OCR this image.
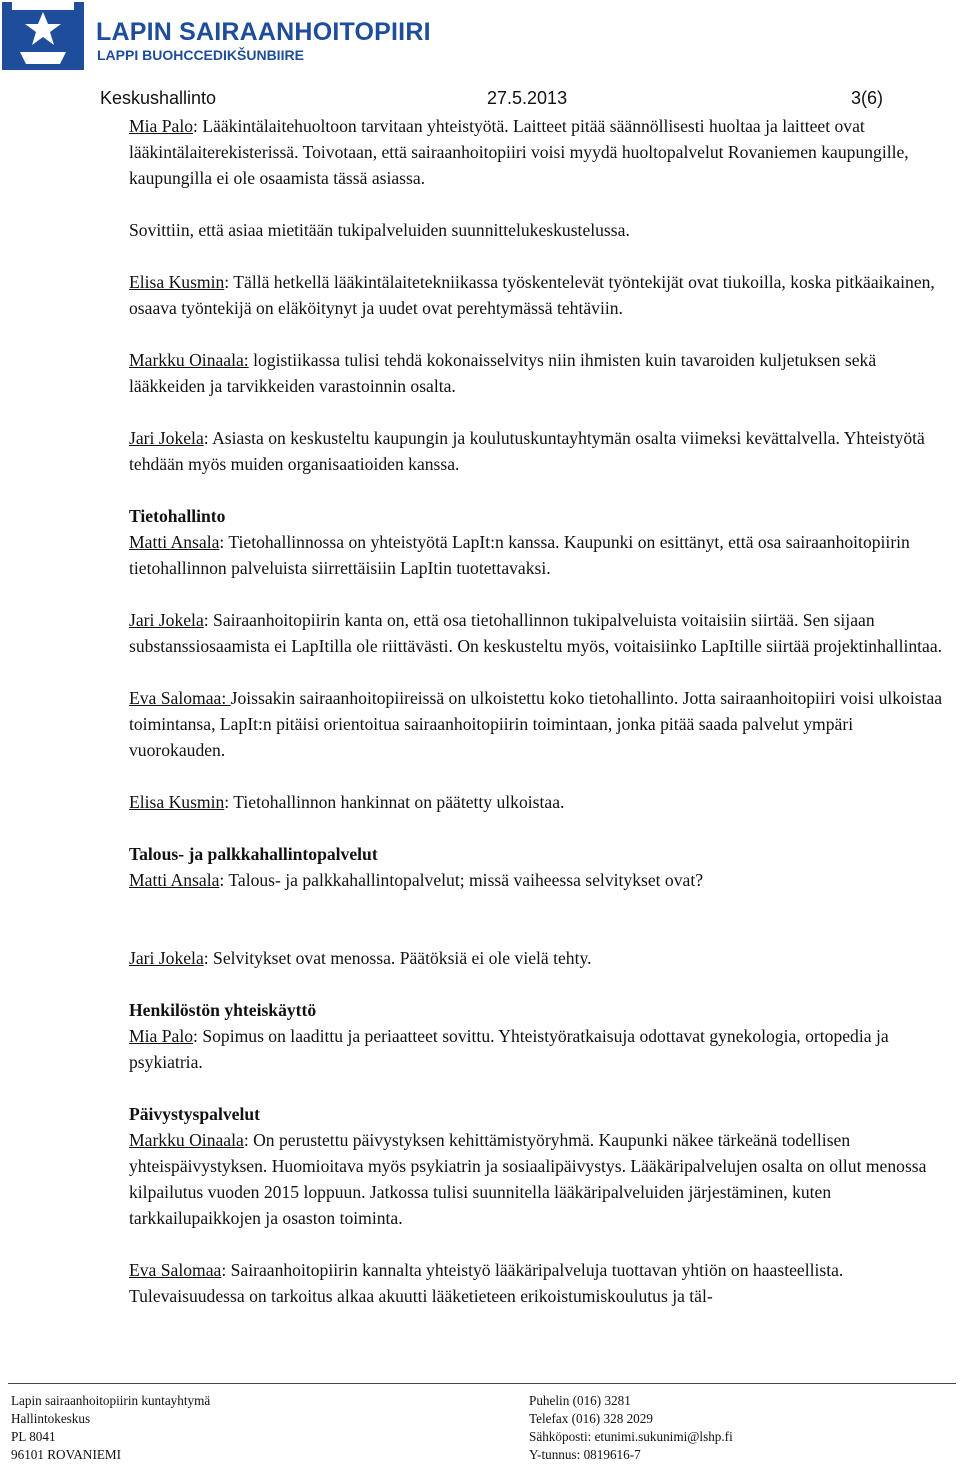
LAPIN SAIRAANHOITOPIIRI
LAPPI BUOHCCEDIKŠUNBIIRE
Keskushallinto	27.5.2013	3(6)

Mia Palo: Lääkintälaitehuoltoon tarvitaan yhteistyötä. Laitteet pitää säännöllisesti huoltaa ja laitteet ovat lääkintälaiterekisterissä. Toivotaan, että sairaanhoitopiiri voisi myydä huoltopalvelut Rovaniemen kaupungille, kaupungilla ei ole osaamista tässä asiassa.

Sovittiin, että asiaa mietitään tukipalveluiden suunnittelukeskustelussa.

Elisa Kusmin: Tällä hetkellä lääkintälaitetekniikassa työskentelevät työntekijät ovat tiukoilla, koska pitkäaikainen, osaava työntekijä on eläköitynyt ja uudet ovat perehtymässä tehtäviin.

Markku Oinaala: logistiikassa tulisi tehdä kokonaisselvitys niin ihmisten kuin tavaroiden kuljetuksen sekä lääkkeiden ja tarvikkeiden varastoinnin osalta.

Jari Jokela: Asiasta on keskusteltu kaupungin ja koulutuskuntayhtymän osalta viimeksi kevättalvella. Yhteistyötä tehdään myös muiden organisaatioiden kanssa.

Tietohallinto

Matti Ansala: Tietohallinnossa on yhteistyötä LapIt:n kanssa. Kaupunki on esittänyt, että osa sairaanhoitopiirin tietohallinnon palveluista siirrettäisiin LapItin tuotettavaksi.

Jari Jokela: Sairaanhoitopiirin kanta on, että osa tietohallinnon tukipalveluista voitaisiin siirtää. Sen sijaan substanssiosaamista ei LapItilla ole riittävästi. On keskusteltu myös, voitaisiinko LapItille siirtää projektinhallintaa.

Eva Salomaa: Joissakin sairaanhoitopiireissä on ulkoistettu koko tietohallinto. Jotta sairaanhoitopiiri voisi ulkoistaa toimintansa, LapIt:n pitäisi orientoitua sairaanhoitopiirin toimintaan, jonka pitää saada palvelut ympäri vuorokauden.

Elisa Kusmin: Tietohallinnon hankinnat on päätetty ulkoistaa.

Talous- ja palkkahallintopalvelut

Matti Ansala: Talous- ja palkkahallintopalvelut; missä vaiheessa selvitykset ovat?

Jari Jokela: Selvitykset ovat menossa. Päätöksiä ei ole vielä tehty.

Henkilöstön yhteiskäyttö

Mia Palo: Sopimus on laadittu ja periaatteet sovittu. Yhteistyöratkaisuja odottavat gynekologia, ortopedia ja psykiatria.

Päivystyspalvelut

Markku Oinaala: On perustettu päivystyksen kehittämistyöryhmä. Kaupunki näkee tärkeänä todellisen yhteispäivystyksen. Huomioitava myös psykiatrin ja sosiaalipäivystys. Lääkäripalvelujen osalta on ollut menossa kilpailutus vuoden 2015 loppuun. Jatkossa tulisi suunnitella lääkäripalveluiden järjestäminen, kuten tarkkailupaikkojen ja osaston toiminta.

Eva Salomaa: Sairaanhoitopiirin kannalta yhteistyö lääkäripalveluja tuottavan yhtiön on haasteellista. Tulevaisuudessa on tarkoitus alkaa akuutti lääketieteen erikoistumiskoulutus ja täl-

Lapin sairaanhoitopiirin kuntayhtymä
Hallintokeskus
PL 8041
96101 ROVANIEMI
Puhelin (016) 3281
Telefax (016) 328 2029
Sähköposti: etunimi.sukunimi@lshp.fi
Y-tunnus: 0819616-7
